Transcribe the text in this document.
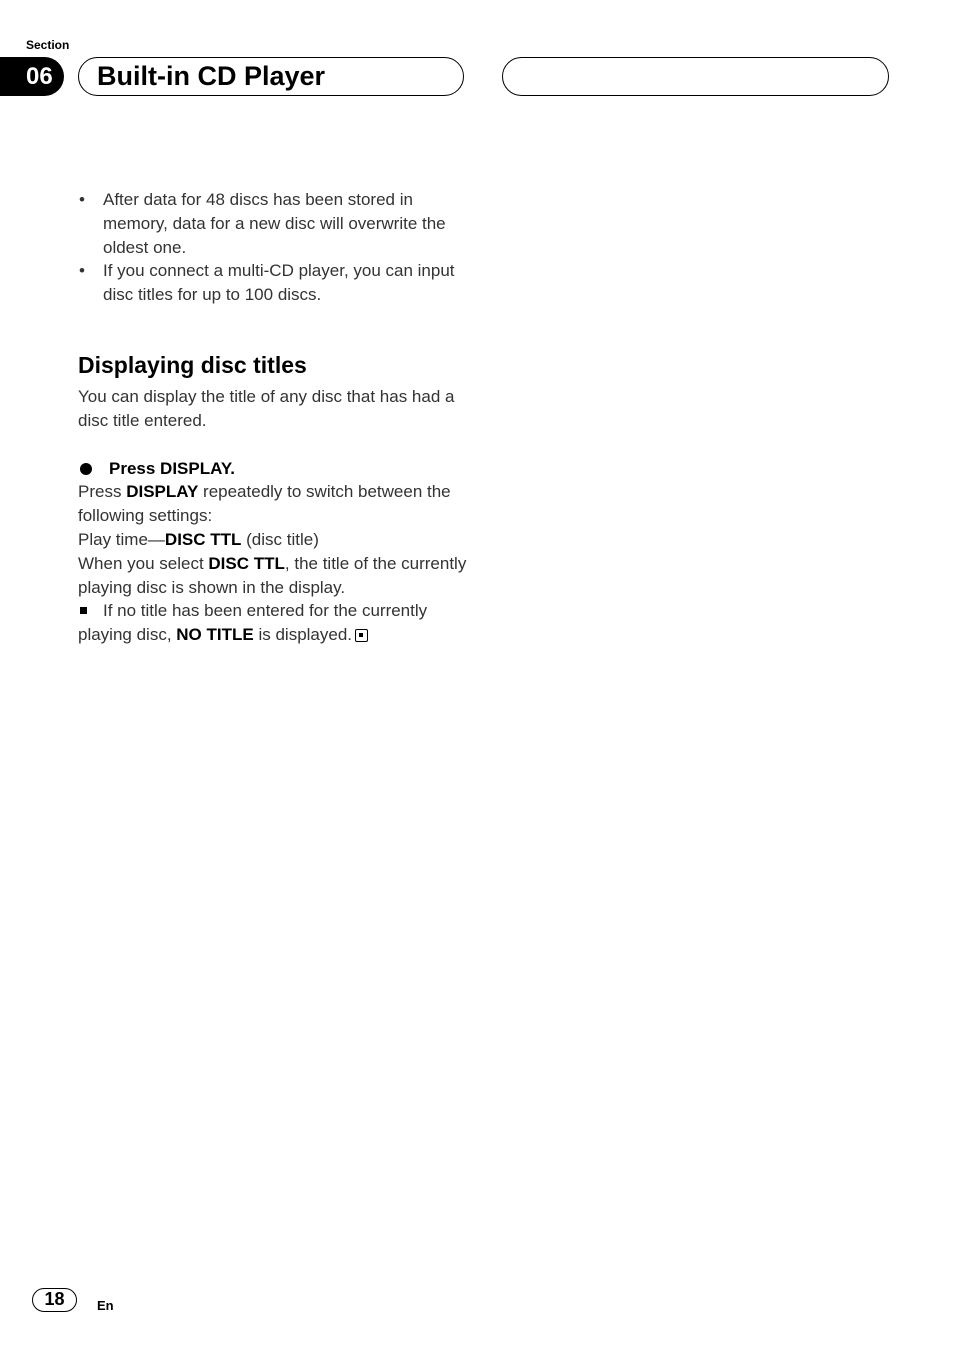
Section
06	Built-in CD Player
• After data for 48 discs has been stored in memory, data for a new disc will overwrite the oldest one.
• If you connect a multi-CD player, you can input disc titles for up to 100 discs.
Displaying disc titles

You can display the title of any disc that has had a disc title entered.

Press DISPLAY.

Press DISPLAY repeatedly to switch between the following settings:

Play time—DISC TTL (disc title)

When you select DISC TTL, the title of the currently playing disc is shown in the display.

If no title has been entered for the currently playing disc, NO TITLE is displayed.

18	En
